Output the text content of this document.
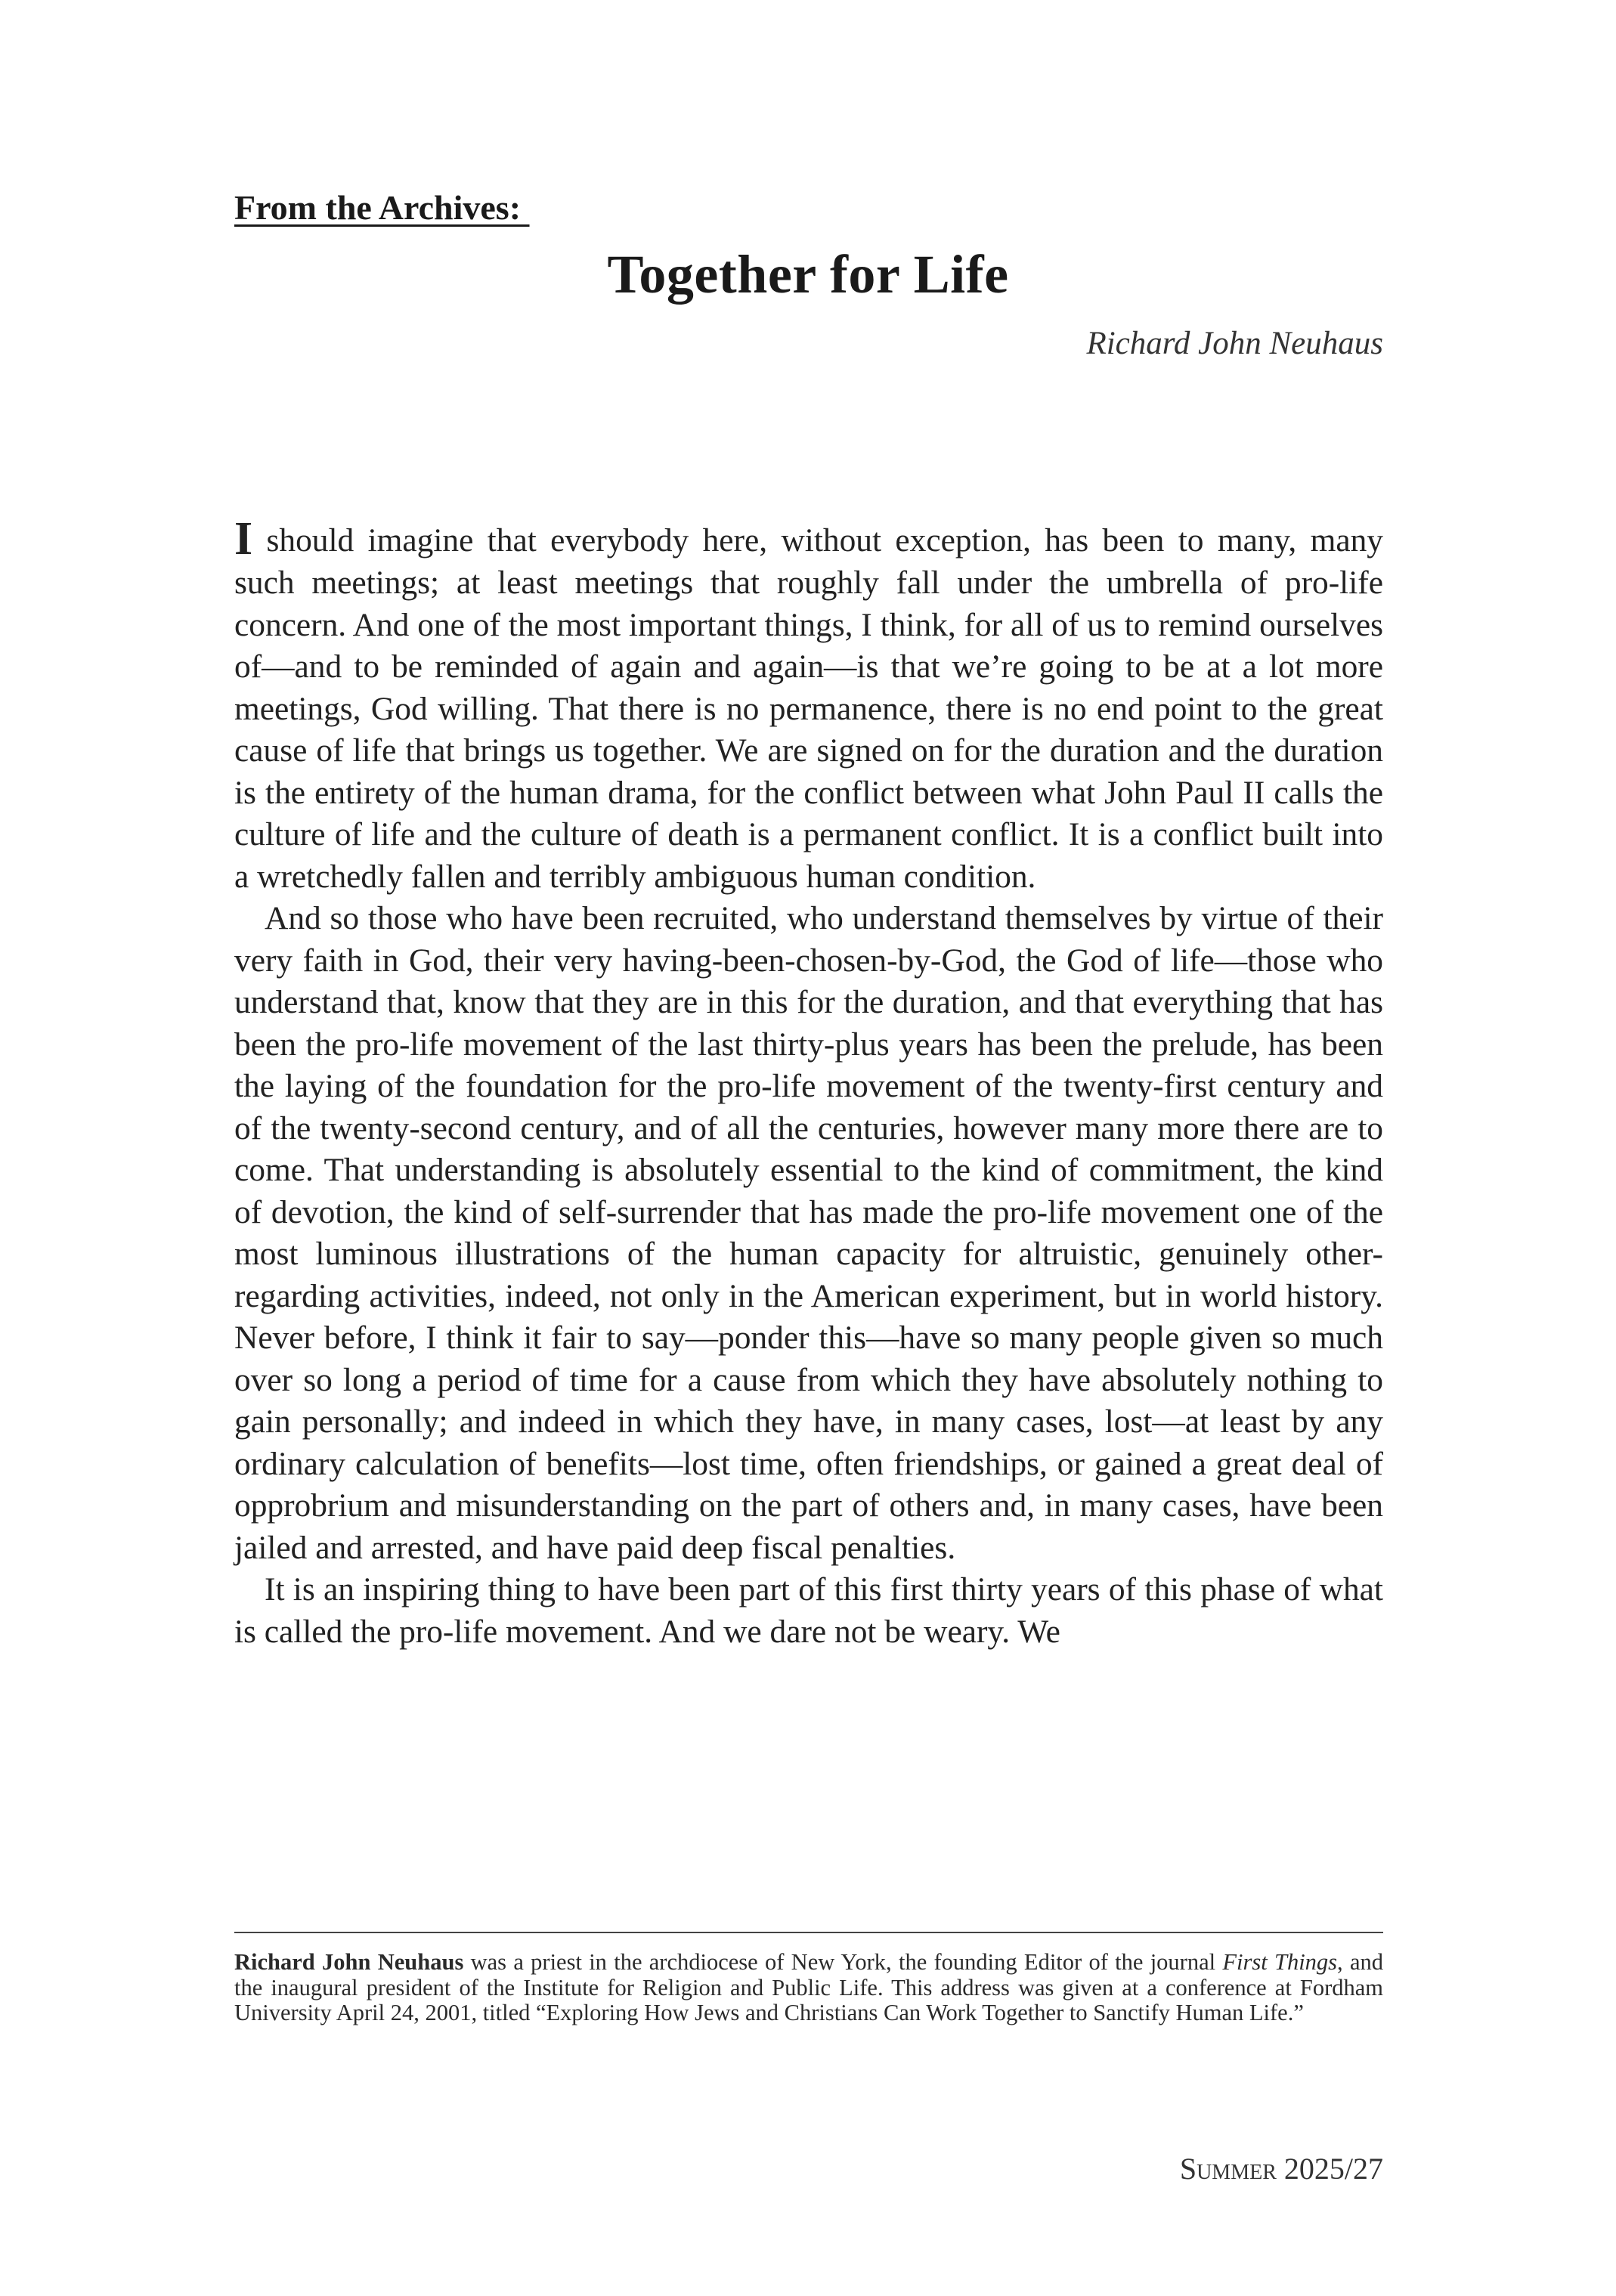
From the Archives:
Together for Life

Richard John Neuhaus

I should imagine that everybody here, without exception, has been to many, many such meetings; at least meetings that roughly fall under the umbrella of pro-life concern. And one of the most important things, I think, for all of us to remind ourselves of—and to be reminded of again and again—is that we’re going to be at a lot more meetings, God willing. That there is no permanence, there is no end point to the great cause of life that brings us together. We are signed on for the duration and the duration is the entirety of the human drama, for the conflict between what John Paul II calls the culture of life and the culture of death is a permanent conflict. It is a conflict built into a wretchedly fallen and terribly ambiguous human condition.

And so those who have been recruited, who understand themselves by virtue of their very faith in God, their very having-been-chosen-by-God, the God of life—those who understand that, know that they are in this for the duration, and that everything that has been the pro-life movement of the last thirty-plus years has been the prelude, has been the laying of the foundation for the pro-life movement of the twenty-first century and of the twenty-second century, and of all the centuries, however many more there are to come. That understanding is absolutely essential to the kind of commitment, the kind of devotion, the kind of self-surrender that has made the pro-life movement one of the most luminous illustrations of the human capacity for altruistic, genuinely other-regarding activities, indeed, not only in the American experiment, but in world history. Never before, I think it fair to say—ponder this—have so many people given so much over so long a period of time for a cause from which they have absolutely nothing to gain personally; and indeed in which they have, in many cases, lost—at least by any ordinary calculation of benefits—lost time, often friendships, or gained a great deal of opprobrium and misunderstanding on the part of others and, in many cases, have been jailed and arrested, and have paid deep fiscal penalties.

It is an inspiring thing to have been part of this first thirty years of this phase of what is called the pro-life movement. And we dare not be weary. We

Richard John Neuhaus was a priest in the archdiocese of New York, the founding Editor of the journal First Things, and the inaugural president of the Institute for Religion and Public Life. This address was given at a conference at Fordham University April 24, 2001, titled “Exploring How Jews and Christians Can Work Together to Sanctify Human Life.”

Summer 2025/27
